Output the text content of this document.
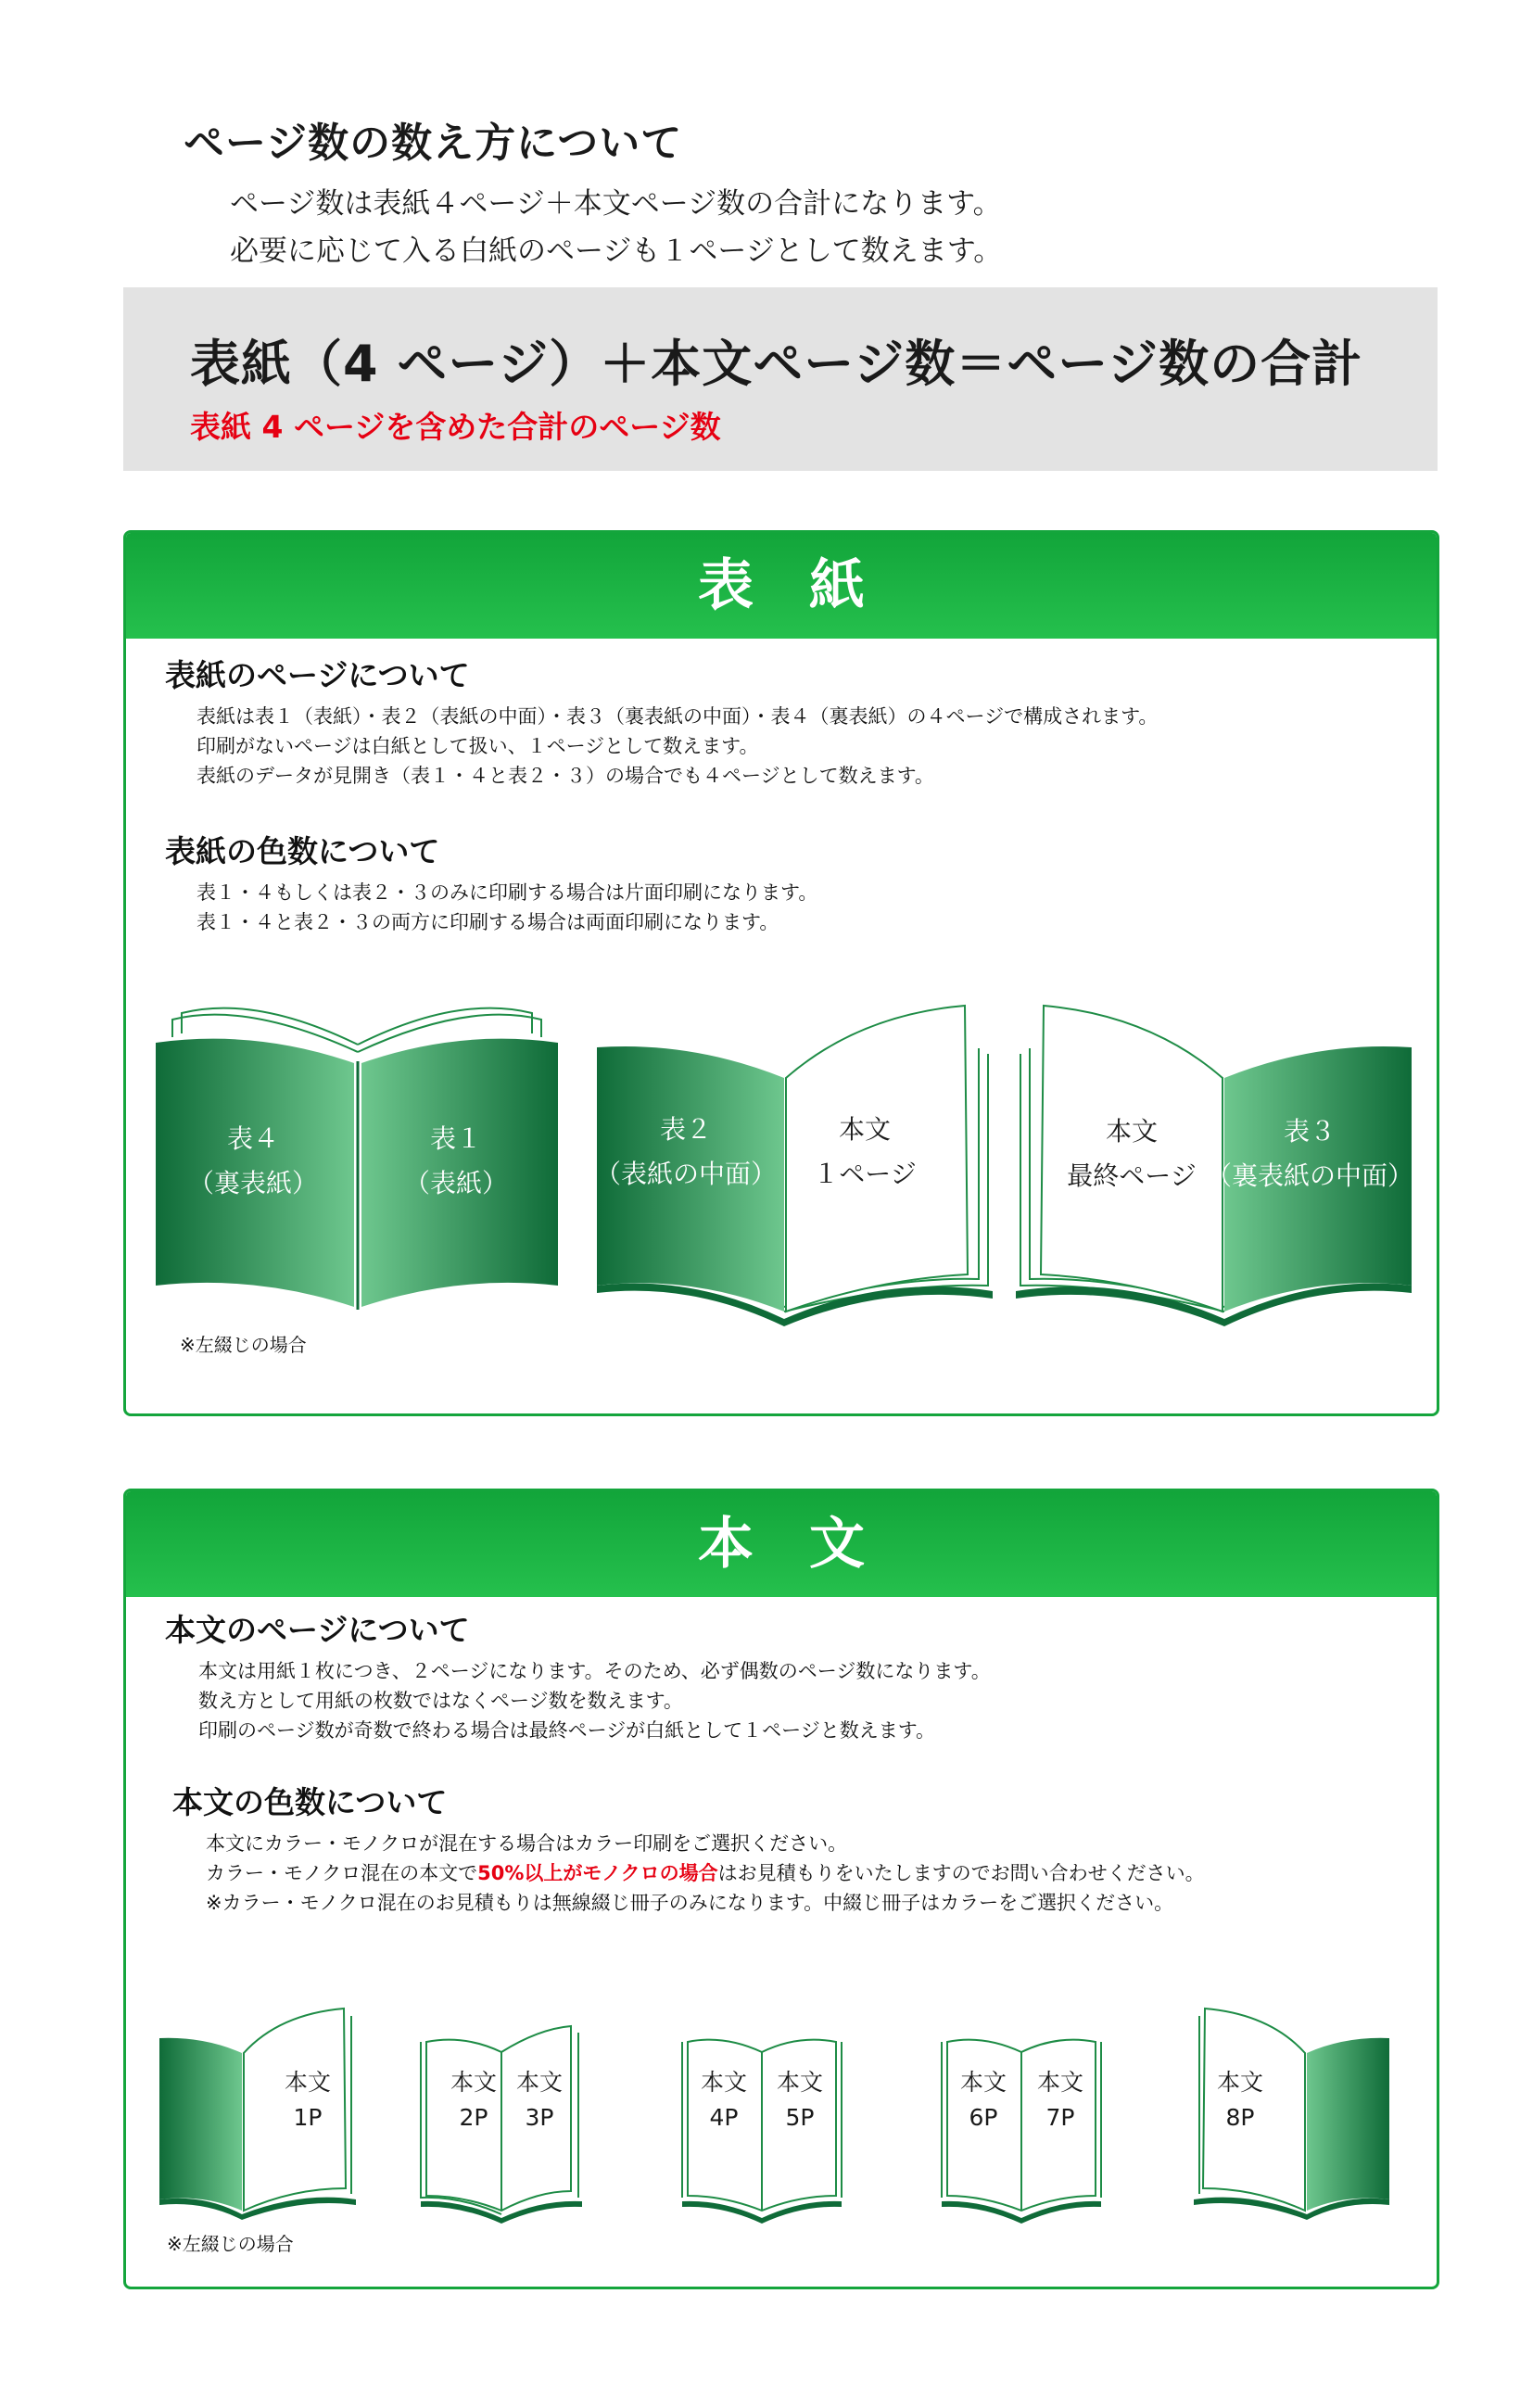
ページ数の数え方について
ページ数は表紙４ページ＋本文ページ数の合計になります。
必要に応じて入る白紙のページも１ページとして数えます。
表紙（4 ページ）＋本文ページ数＝ページ数の合計
表紙 4 ページを含めた合計のページ数
表紙
表紙のページについて
表紙は表１（表紙）・表２（表紙の中面）・表３（裏表紙の中面）・表４（裏表紙）の４ページで構成されます。
印刷がないページは白紙として扱い、１ページとして数えます。
表紙のデータが見開き（表１・４と表２・３）の場合でも４ページとして数えます。
表紙の色数について
表１・４もしくは表２・３のみに印刷する場合は片面印刷になります。
表１・４と表２・３の両方に印刷する場合は両面印刷になります。
表４
（裏表紙）
表１
（表紙）
表２
（表紙の中面）
本文
１ページ
本文
最終ページ
表３
（裏表紙の中面）
※左綴じの場合
本文
本文のページについて
本文は用紙１枚につき、２ページになります。そのため、必ず偶数のページ数になります。
数え方として用紙の枚数ではなくページ数を数えます。
印刷のページ数が奇数で終わる場合は最終ページが白紙として１ページと数えます。
本文の色数について
本文にカラー・モノクロが混在する場合はカラー印刷をご選択ください。
カラー・モノクロ混在の本文で50%以上がモノクロの場合はお見積もりをいたしますのでお問い合わせください。
※カラー・モノクロ混在のお見積もりは無線綴じ冊子のみになります。中綴じ冊子はカラーをご選択ください。
本文
1P
本文
2P
本文
3P
本文
4P
本文
5P
本文
6P
本文
7P
本文
8P
※左綴じの場合
